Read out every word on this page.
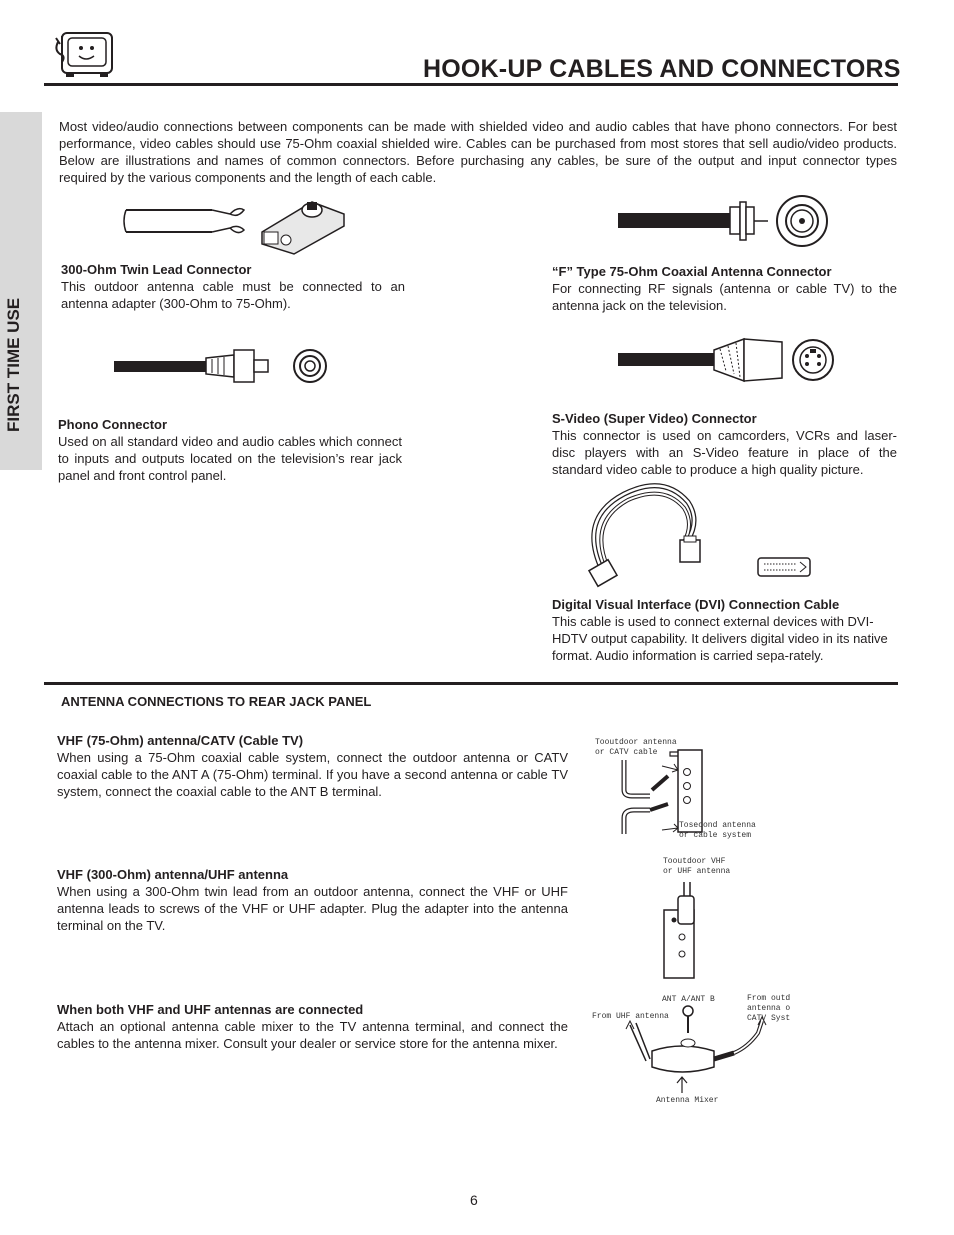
HOOK-UP CABLES AND CONNECTORS
FIRST TIME USE
Most video/audio connections between components can be made with shielded video and audio cables that have phono connectors. For best performance, video cables should use 75-Ohm coaxial shielded wire. Cables can be purchased from most stores that sell audio/video products. Below are illustrations and names of common connectors. Before purchasing any cables, be sure of the output and input connector types required by the various components and the length of each cable.
300-Ohm Twin Lead Connector
This outdoor antenna cable must be connected to an antenna adapter (300-Ohm to 75-Ohm).
“F” Type 75-Ohm Coaxial Antenna Connector
For connecting RF signals (antenna or cable TV) to the antenna jack on the television.
Phono Connector
Used on all standard video and audio cables which connect to inputs and outputs located on the television’s rear jack panel and front control panel.
S-Video (Super Video) Connector
This connector is used on camcorders, VCRs and laser-disc players with an S-Video feature in place of the standard video cable to produce a high quality picture.
Digital Visual Interface (DVI) Connection Cable
This cable is used to connect external devices with DVI-HDTV output capability. It delivers digital video in its native format. Audio information is carried sepa-rately.
ANTENNA CONNECTIONS TO REAR JACK PANEL
VHF (75-Ohm) antenna/CATV (Cable TV)
When using a 75-Ohm coaxial cable system, connect the outdoor antenna or CATV coaxial cable to the ANT A (75-Ohm) terminal. If you have a second antenna or cable TV system, connect the coaxial cable to the ANT B terminal.
VHF (300-Ohm) antenna/UHF antenna
When using a 300-Ohm twin lead from an outdoor antenna, connect the VHF or UHF antenna leads to screws of the VHF or UHF adapter. Plug the adapter into the antenna terminal on the TV.
When both VHF and UHF antennas are connected
Attach an optional antenna cable mixer to the TV antenna terminal, and connect the cables to the antenna mixer. Consult your dealer or service store for the antenna mixer.
Tooutdoor antenna
or CATV cable
Tosecond antenna
or cable system
Tooutdoor VHF
or UHF antenna
ANT A/ANT B	From outd
antenna o
CATV Syst
From UHF antenna
Antenna Mixer
6
